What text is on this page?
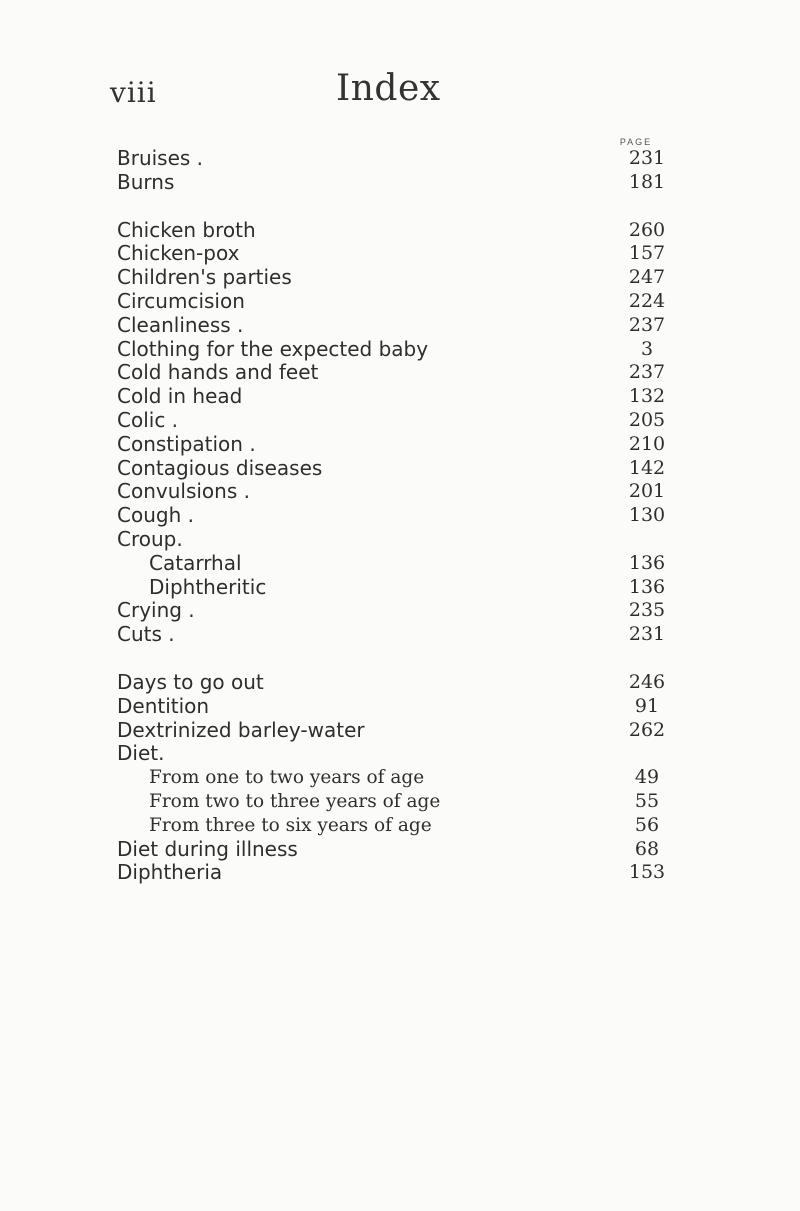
viii	Index
PAGE
Bruises .	231
Burns	181
Chicken broth	260
Chicken-pox	157
Children's parties	247
Circumcision	224
Cleanliness .	237
Clothing for the expected baby	3
Cold hands and feet	237
Cold in head	132
Colic .	205
Constipation .	210
Contagious diseases	142
Convulsions .	201
Cough .	130
Croup.
Catarrhal	136
Diphtheritic	136
Crying .	235
Cuts .	231
Days to go out	246
Dentition	91
Dextrinized barley-water	262
Diet.
From one to two years of age	49
From two to three years of age	55
From three to six years of age	56
Diet during illness	68
Diphtheria	153
